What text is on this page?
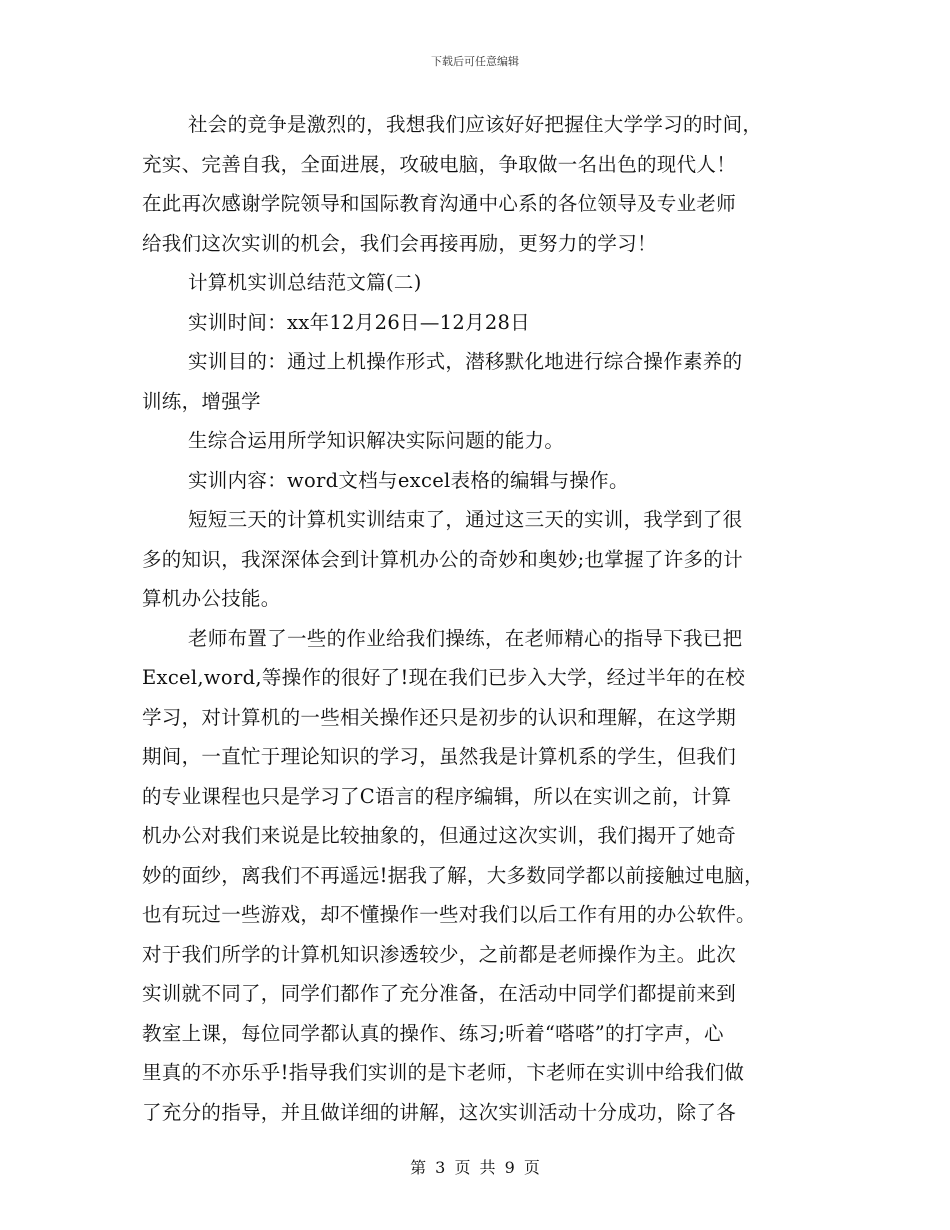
下载后可任意编辑
社会的竞争是激烈的，我想我们应该好好把握住大学学习的时间，
充实、完善自我，全面进展，攻破电脑，争取做一名出色的现代人！
在此再次感谢学院领导和国际教育沟通中心系的各位领导及专业老师
给我们这次实训的机会，我们会再接再励，更努力的学习！
计算机实训总结范文篇(二)
实训时间：xx年12月26日—12月28日
实训目的：通过上机操作形式，潜移默化地进行综合操作素养的
训练，增强学
生综合运用所学知识解决实际问题的能力。
实训内容：word文档与excel表格的编辑与操作。
短短三天的计算机实训结束了，通过这三天的实训，我学到了很
多的知识，我深深体会到计算机办公的奇妙和奥妙;也掌握了许多的计
算机办公技能。
老师布置了一些的作业给我们操练，在老师精心的指导下我已把
Excel,word,等操作的很好了!现在我们已步入大学，经过半年的在校
学习，对计算机的一些相关操作还只是初步的认识和理解，在这学期
期间，一直忙于理论知识的学习，虽然我是计算机系的学生，但我们
的专业课程也只是学习了C语言的程序编辑，所以在实训之前，计算
机办公对我们来说是比较抽象的，但通过这次实训，我们揭开了她奇
妙的面纱，离我们不再遥远!据我了解，大多数同学都以前接触过电脑，
也有玩过一些游戏，却不懂操作一些对我们以后工作有用的办公软件。
对于我们所学的计算机知识渗透较少，之前都是老师操作为主。此次
实训就不同了，同学们都作了充分准备，在活动中同学们都提前来到
教室上课，每位同学都认真的操作、练习;听着“嗒嗒”的打字声，心
里真的不亦乐乎!指导我们实训的是卞老师，卞老师在实训中给我们做
了充分的指导，并且做详细的讲解，这次实训活动十分成功，除了各
第 3 页 共 9 页
